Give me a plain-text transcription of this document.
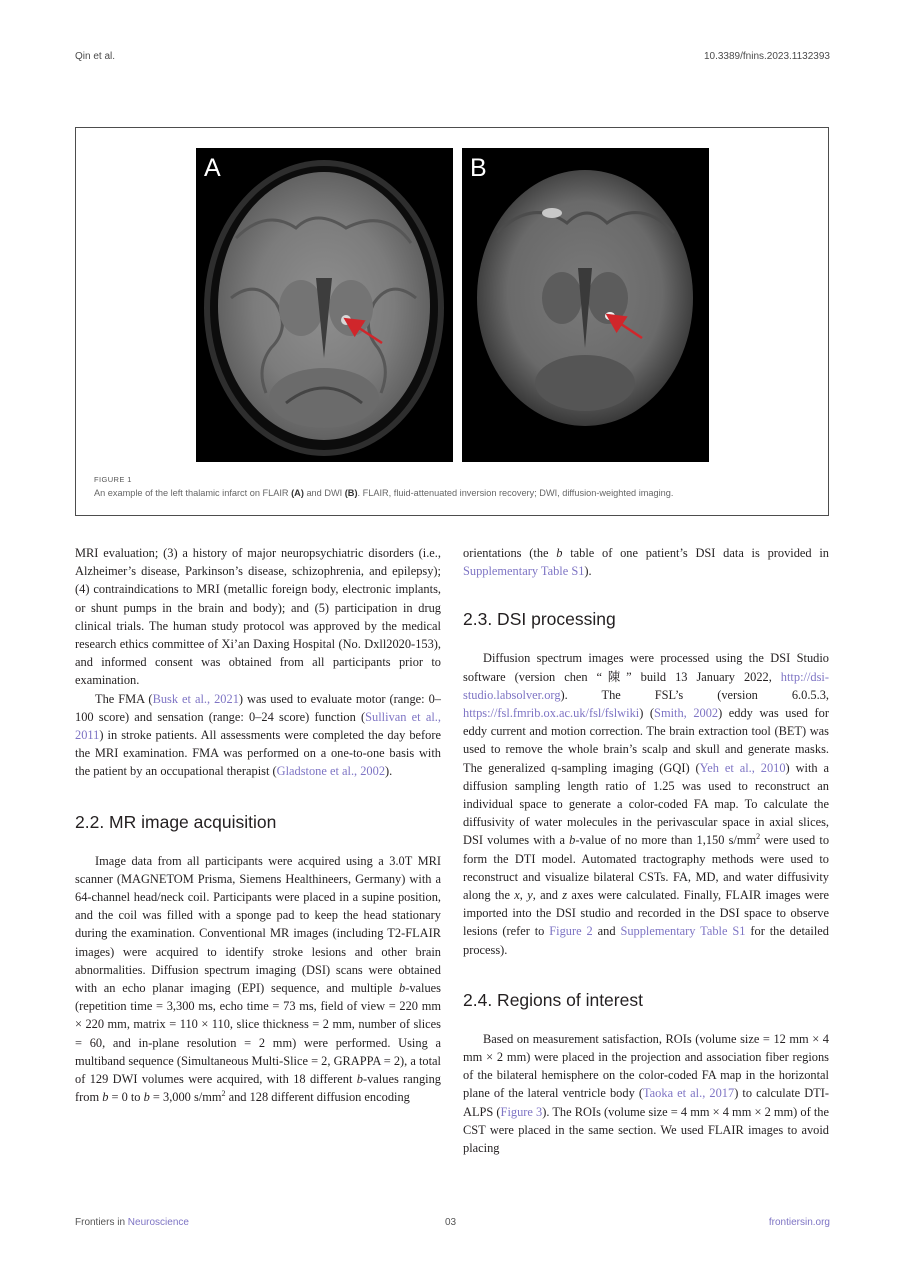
Qin et al.	10.3389/fnins.2023.1132393
A	B
FIGURE 1
An example of the left thalamic infarct on FLAIR (A) and DWI (B). FLAIR, fluid-attenuated inversion recovery; DWI, diffusion-weighted imaging.

MRI evaluation; (3) a history of major neuropsychiatric disorders (i.e., Alzheimer’s disease, Parkinson’s disease, schizophrenia, and epilepsy); (4) contraindications to MRI (metallic foreign body, electronic implants, or shunt pumps in the brain and body); and (5) participation in drug clinical trials. The human study protocol was approved by the medical research ethics committee of Xi’an Daxing Hospital (No. Dxll2020-153), and informed consent was obtained from all participants prior to examination.

The FMA (Busk et al., 2021) was used to evaluate motor (range: 0–100 score) and sensation (range: 0–24 score) function (Sullivan et al., 2011) in stroke patients. All assessments were completed the day before the MRI examination. FMA was performed on a one-to-one basis with the patient by an occupational therapist (Gladstone et al., 2002).

2.2. MR image acquisition

Image data from all participants were acquired using a 3.0T MRI scanner (MAGNETOM Prisma, Siemens Healthineers, Germany) with a 64-channel head/neck coil. Participants were placed in a supine position, and the coil was filled with a sponge pad to keep the head stationary during the examination. Conventional MR images (including T2-FLAIR images) were acquired to identify stroke lesions and other brain abnormalities. Diffusion spectrum imaging (DSI) scans were obtained with an echo planar imaging (EPI) sequence, and multiple b-values (repetition time = 3,300 ms, echo time = 73 ms, field of view = 220 mm × 220 mm, matrix = 110 × 110, slice thickness = 2 mm, number of slices = 60, and in-plane resolution = 2 mm) were performed. Using a multiband sequence (Simultaneous Multi-Slice = 2, GRAPPA = 2), a total of 129 DWI volumes were acquired, with 18 different b-values ranging from b = 0 to b = 3,000 $s/mm^2$ and 128 different diffusion encoding

orientations (the b table of one patient’s DSI data is provided in Supplementary Table S1).

2.3. DSI processing

Diffusion spectrum images were processed using the DSI Studio software (version chen “陳” build 13 January 2022, http://dsi-studio.labsolver.org). The FSL’s (version 6.0.5.3, https://fsl.fmrib.ox.ac.uk/fsl/fslwiki) (Smith, 2002) eddy was used for eddy current and motion correction. The brain extraction tool (BET) was used to remove the whole brain’s scalp and skull and generate masks. The generalized q-sampling imaging (GQI) (Yeh et al., 2010) with a diffusion sampling length ratio of 1.25 was used to reconstruct an individual space to generate a color-coded FA map. To calculate the diffusivity of water molecules in the perivascular space in axial slices, DSI volumes with a b-value of no more than 1,150 $s/mm^2$ were used to form the DTI model. Automated tractography methods were used to reconstruct and visualize bilateral CSTs. FA, MD, and water diffusivity along the x, y, and z axes were calculated. Finally, FLAIR images were imported into the DSI studio and recorded in the DSI space to observe lesions (refer to Figure 2 and Supplementary Table S1 for the detailed process).

2.4. Regions of interest

Based on measurement satisfaction, ROIs (volume size = 12 mm × 4 mm × 2 mm) were placed in the projection and association fiber regions of the bilateral hemisphere on the color-coded FA map in the horizontal plane of the lateral ventricle body (Taoka et al., 2017) to calculate DTI-ALPS (Figure 3). The ROIs (volume size = 4 mm × 4 mm × 2 mm) of the CST were placed in the same section. We used FLAIR images to avoid placing

Frontiers in Neuroscience	03	frontiersin.org
